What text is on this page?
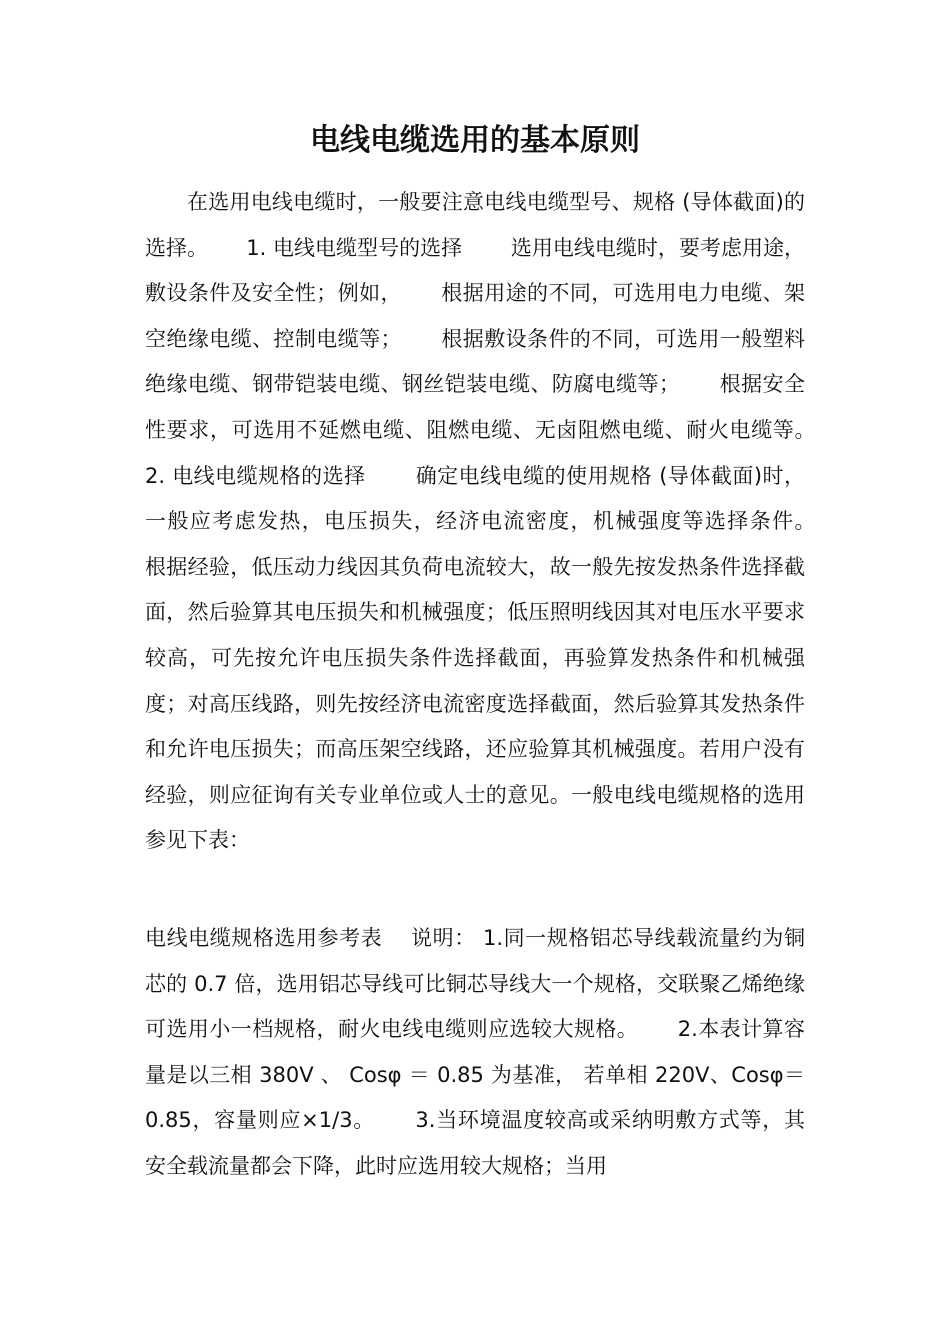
电线电缆选用的基本原则

在选用电线电缆时，一般要注意电线电缆型号、规格 (导体截面)的选择。　　 1. 电线电缆型号的选择　　 选用电线电缆时，要考虑用途，敷设条件及安全性；例如，　　 根据用途的不同，可选用电力电缆、架空绝缘电缆、控制电缆等；　　 根据敷设条件的不同，可选用一般塑料绝缘电缆、钢带铠装电缆、钢丝铠装电缆、防腐电缆等；　　 根据安全性要求，可选用不延燃电缆、阻燃电缆、无卤阻燃电缆、耐火电缆等。　　 2. 电线电缆规格的选择　　 确定电线电缆的使用规格 (导体截面)时，一般应考虑发热，电压损失，经济电流密度，机械强度等选择条件。　　 根据经验，低压动力线因其负荷电流较大，故一般先按发热条件选择截面，然后验算其电压损失和机械强度；低压照明线因其对电压水平要求较高，可先按允许电压损失条件选择截面，再验算发热条件和机械强度；对高压线路，则先按经济电流密度选择截面，然后验算其发热条件和允许电压损失；而高压架空线路，还应验算其机械强度。若用户没有经验，则应征询有关专业单位或人士的意见。一般电线电缆规格的选用参见下表：

电线电缆规格选用参考表　 说明： 1.同一规格铝芯导线载流量约为铜芯的 0.7 倍，选用铝芯导线可比铜芯导线大一个规格，交联聚乙烯绝缘可选用小一档规格，耐火电线电缆则应选较大规格。　　 2.本表计算容量是以三相 380V 、 Cosφ ＝ 0.85 为基准， 若单相 220V、Cosφ＝0.85，容量则应×1/3。　　 3.当环境温度较高或采纳明敷方式等，其安全载流量都会下降，此时应选用较大规格；当用
